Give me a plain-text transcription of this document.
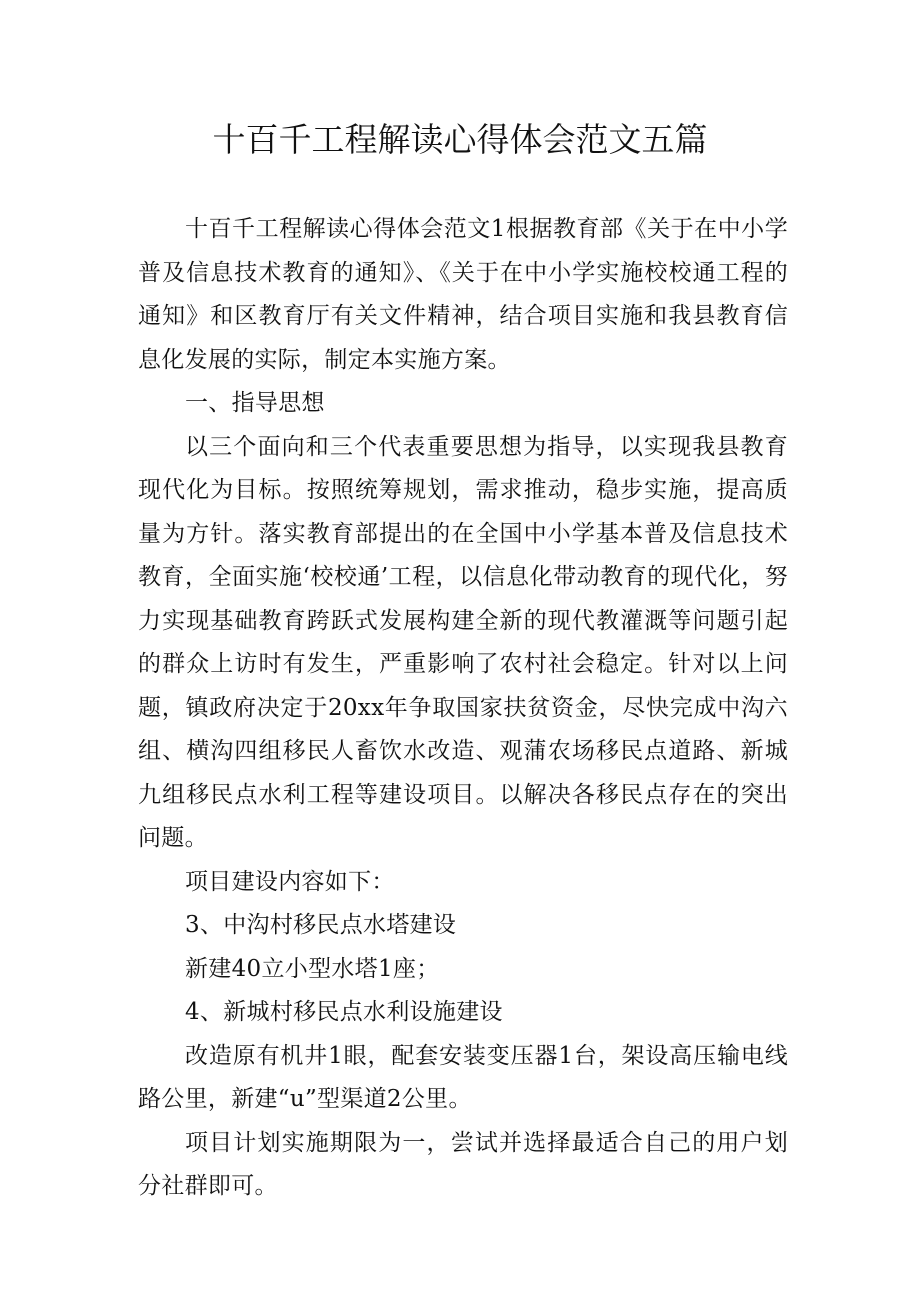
十百千工程解读心得体会范文五篇

十百千工程解读心得体会范文1根据教育部《关于在中小学普及信息技术教育的通知》、《关于在中小学实施校校通工程的通知》和区教育厅有关文件精神，结合项目实施和我县教育信息化发展的实际，制定本实施方案。

一、指导思想

以三个面向和三个代表重要思想为指导，以实现我县教育现代化为目标。按照统筹规划，需求推动，稳步实施，提高质量为方针。落实教育部提出的在全国中小学基本普及信息技术教育，全面实施‘校校通’工程，以信息化带动教育的现代化，努力实现基础教育跨跃式发展构建全新的现代教灌溉等问题引起的群众上访时有发生，严重影响了农村社会稳定。针对以上问题，镇政府决定于20xx年争取国家扶贫资金，尽快完成中沟六组、横沟四组移民人畜饮水改造、观蒲农场移民点道路、新城九组移民点水利工程等建设项目。以解决各移民点存在的突出问题。

项目建设内容如下：

3、中沟村移民点水塔建设

新建40立小型水塔1座；

4、新城村移民点水利设施建设

改造原有机井1眼，配套安装变压器1台，架设高压输电线路公里，新建“u”型渠道2公里。

项目计划实施期限为一，尝试并选择最适合自己的用户划分社群即可。
